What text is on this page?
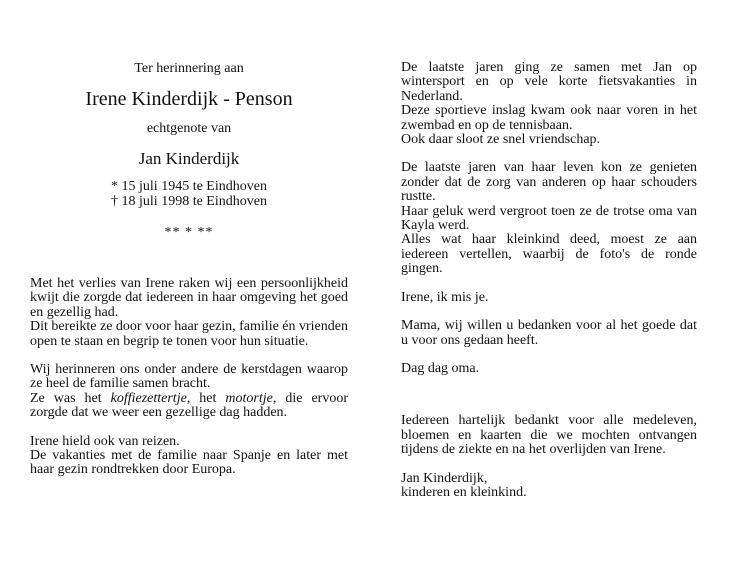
Ter herinnering aan
Irene Kinderdijk - Penson
echtgenote van
Jan Kinderdijk
* 15 juli 1945 te Eindhoven
† 18 juli 1998 te Eindhoven
** * **

Met het verlies van Irene raken wij een persoonlijkheid kwijt die zorgde dat iedereen in haar omgeving het goed en gezellig had.

Dit bereikte ze door voor haar gezin, familie én vrienden open te staan en begrip te tonen voor hun situatie.

Wij herinneren ons onder andere de kerstdagen waarop ze heel de familie samen bracht.

Ze was het koffiezettertje, het motortje, die ervoor zorgde dat we weer een gezellige dag hadden.

Irene hield ook van reizen.

De vakanties met de familie naar Spanje en later met haar gezin rondtrekken door Europa.

De laatste jaren ging ze samen met Jan op wintersport en op vele korte fietsvakanties in Nederland.

Deze sportieve inslag kwam ook naar voren in het zwembad en op de tennisbaan.

Ook daar sloot ze snel vriendschap.

De laatste jaren van haar leven kon ze genieten zonder dat de zorg van anderen op haar schouders rustte.

Haar geluk werd vergroot toen ze de trotse oma van Kayla werd.

Alles wat haar kleinkind deed, moest ze aan iedereen vertellen, waarbij de foto's de ronde gingen.

Irene, ik mis je.

Mama, wij willen u bedanken voor al het goede dat u voor ons gedaan heeft.

Dag dag oma.

Iedereen hartelijk bedankt voor alle medeleven, bloemen en kaarten die we mochten ontvangen tijdens de ziekte en na het overlijden van Irene.

Jan Kinderdijk,

kinderen en kleinkind.
